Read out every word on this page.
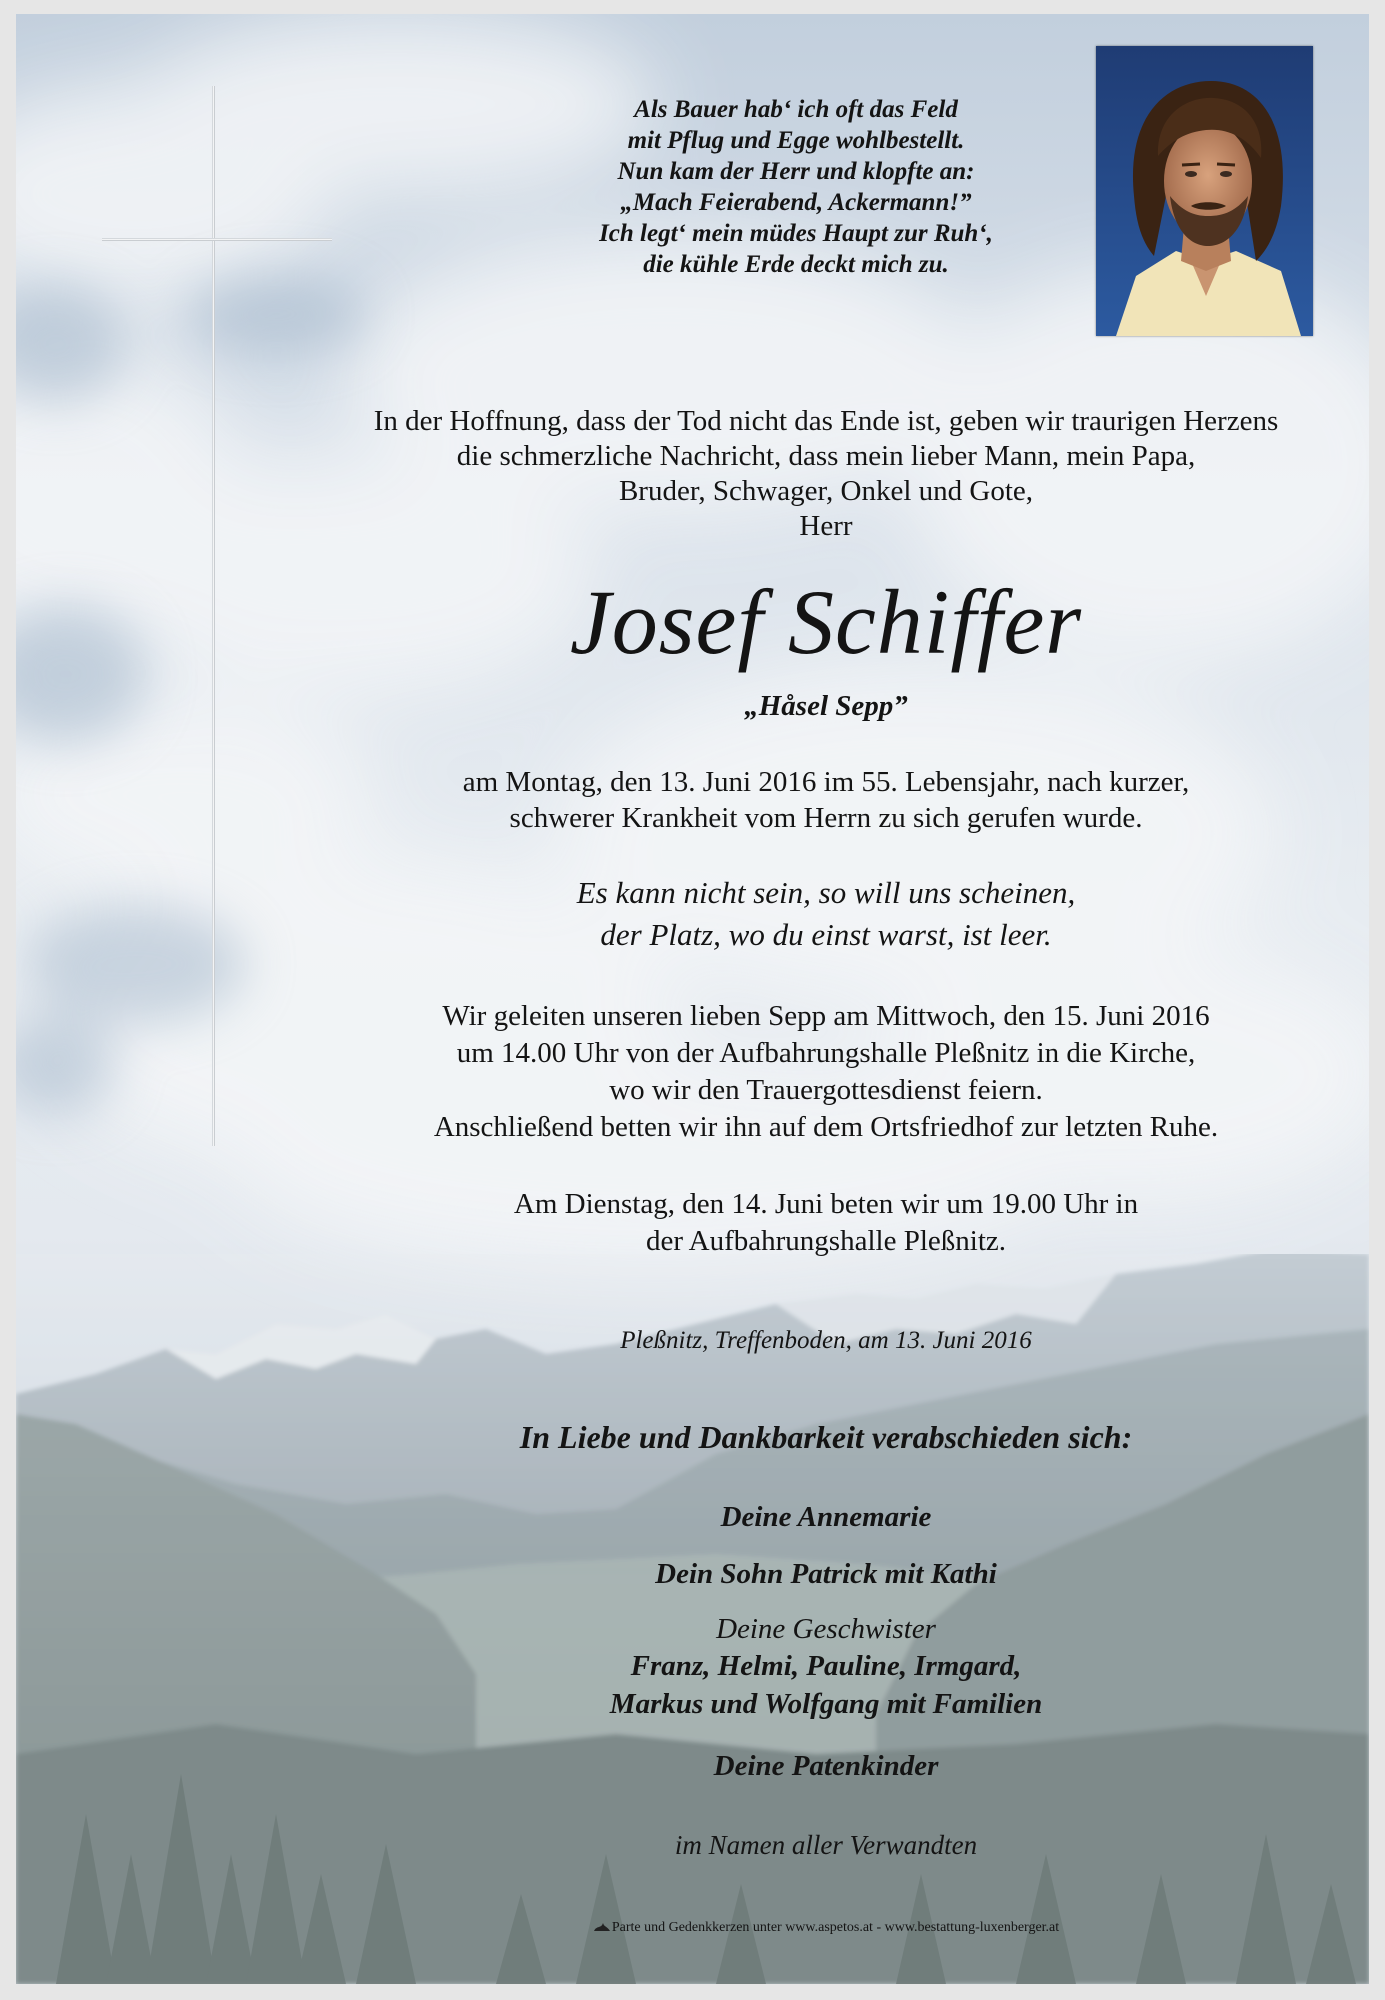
Als Bauer hab‘ ich oft das Feld
mit Pflug und Egge wohlbestellt.
Nun kam der Herr und klopfte an:
„Mach Feierabend, Ackermann!”
Ich legt‘ mein müdes Haupt zur Ruh‘,
die kühle Erde deckt mich zu.
In der Hoffnung, dass der Tod nicht das Ende ist, geben wir traurigen Herzens
die schmerzliche Nachricht, dass mein lieber Mann, mein Papa,
Bruder, Schwager, Onkel und Gote,
Herr
Josef Schiffer
„Håsel Sepp”
am Montag, den 13. Juni 2016 im 55. Lebensjahr, nach kurzer,
schwerer Krankheit vom Herrn zu sich gerufen wurde.
Es kann nicht sein, so will uns scheinen,
der Platz, wo du einst warst, ist leer.
Wir geleiten unseren lieben Sepp am Mittwoch, den 15. Juni 2016
um 14.00 Uhr von der Aufbahrungshalle Pleßnitz in die Kirche,
wo wir den Trauergottesdienst feiern.
Anschließend betten wir ihn auf dem Ortsfriedhof zur letzten Ruhe.
Am Dienstag, den 14. Juni beten wir um 19.00 Uhr in
der Aufbahrungshalle Pleßnitz.
Pleßnitz, Treffenboden, am 13. Juni 2016
In Liebe und Dankbarkeit verabschieden sich:
Deine Annemarie
Dein Sohn Patrick mit Kathi
Deine Geschwister
Franz, Helmi, Pauline, Irmgard,
Markus und Wolfgang mit Familien
Deine Patenkinder
im Namen aller Verwandten
Parte und Gedenkkerzen unter www.aspetos.at - www.bestattung-luxenberger.at
